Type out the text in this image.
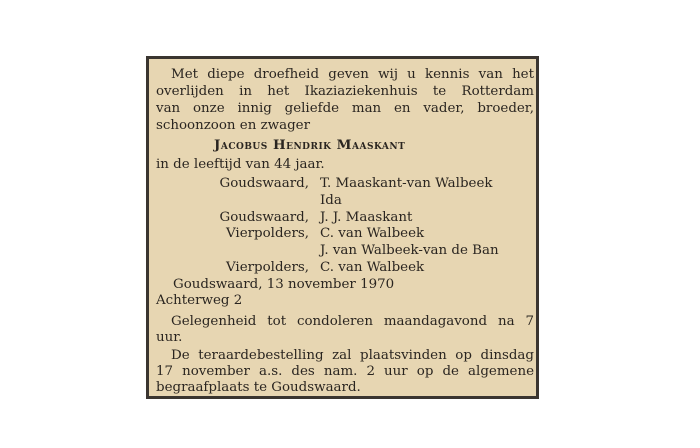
Met diepe droefheid geven wij u kennis van het
overlijden in het Ikaziaziekenhuis te Rotterdam
van onze innig geliefde man en vader, broeder,
schoonzoon en zwager
Jacobus Hendrik Maaskant
in de leeftijd van 44 jaar.
Goudswaard, T. Maaskant-van Walbeek
Ida
Goudswaard, J. J. Maaskant
Vierpolders, C. van Walbeek
J. van Walbeek-van de Ban
Vierpolders, C. van Walbeek
Goudswaard, 13 november 1970
Achterweg 2
Gelegenheid tot condoleren maandagavond na 7
uur.
De teraardebestelling zal plaatsvinden op dinsdag
17 november a.s. des nam. 2 uur op de algemene
begraafplaats te Goudswaard.
